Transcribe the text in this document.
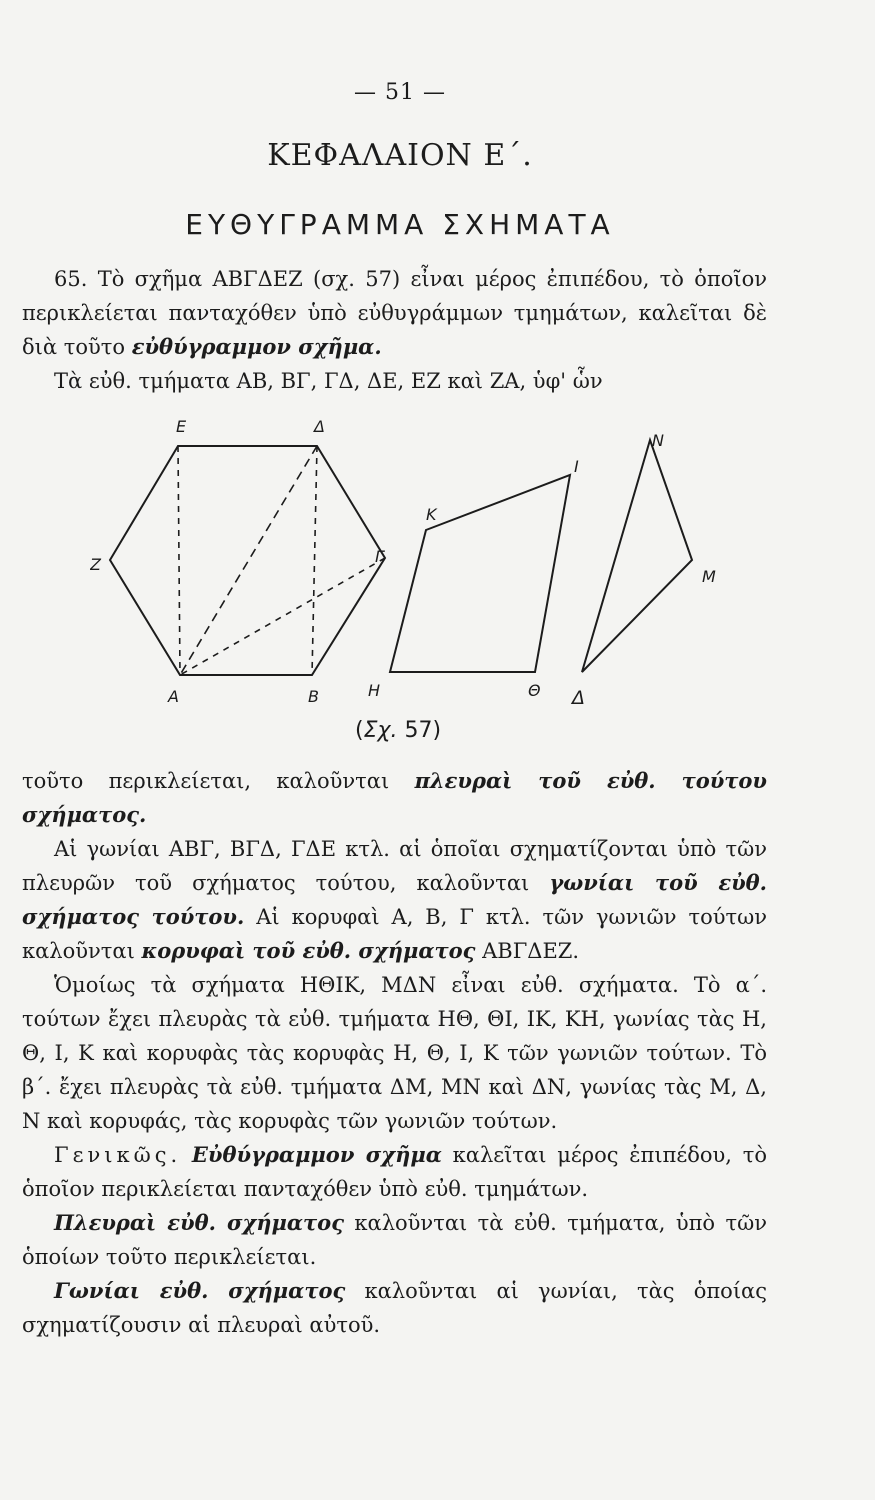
— 51 —
ΚΕΦΑΛΑΙΟΝ Ε΄.
ΕΥΘΥΓΡΑΜΜΑ ΣΧΗΜΑΤΑ

65. Τὸ σχῆμα ΑΒΓΔΕΖ (σχ. 57) εἶναι μέρος ἐπιπέδου, τὸ ὁποῖον περικλείεται πανταχόθεν ὑπὸ εὐθυγράμμων τμημάτων, καλεῖται δὲ διὰ τοῦτο εὐθύγραμμον σχῆμα.

Τὰ εὐθ. τμήματα ΑΒ, ΒΓ, ΓΔ, ΔΕ, ΕΖ καὶ ΖΑ, ὑφ' ὧν

Ε	Δ
Ζ	Γ
Α	Β
Κ
Ι
Η	Θ
Ν
Μ
Δ
(Σχ. 57)

τοῦτο περικλείεται, καλοῦνται πλευραὶ τοῦ εὐθ. τούτου σχήματος.

Αἱ γωνίαι ΑΒΓ, ΒΓΔ, ΓΔΕ κτλ. αἱ ὁποῖαι σχηματίζονται ὑπὸ τῶν πλευρῶν τοῦ σχήματος τούτου, καλοῦνται γωνίαι τοῦ εὐθ. σχήματος τούτου. Αἱ κορυφαὶ Α, Β, Γ κτλ. τῶν γωνιῶν τούτων καλοῦνται κορυφαὶ τοῦ εὐθ. σχήματος ΑΒΓΔΕΖ.

Ὁμοίως τὰ σχήματα ΗΘΙΚ, ΜΔΝ εἶναι εὐθ. σχήματα. Τὸ α΄. τούτων ἔχει πλευρὰς τὰ εὐθ. τμήματα ΗΘ, ΘΙ, ΙΚ, ΚΗ, γωνίας τὰς Η, Θ, Ι, Κ καὶ κορυφὰς τὰς κορυφὰς Η, Θ, Ι, Κ τῶν γωνιῶν τούτων. Τὸ β΄. ἔχει πλευρὰς τὰ εὐθ. τμήματα ΔΜ, ΜΝ καὶ ΔΝ, γωνίας τὰς Μ, Δ, Ν καὶ κορυφάς, τὰς κορυφὰς τῶν γωνιῶν τούτων.

Γενικῶς. Εὐθύγραμμον σχῆμα καλεῖται μέρος ἐπιπέδου, τὸ ὁποῖον περικλείεται πανταχόθεν ὑπὸ εὐθ. τμημάτων.

Πλευραὶ εὐθ. σχήματος καλοῦνται τὰ εὐθ. τμήματα, ὑπὸ τῶν ὁποίων τοῦτο περικλείεται.

Γωνίαι εὐθ. σχήματος καλοῦνται αἱ γωνίαι, τὰς ὁποίας σχηματίζουσιν αἱ πλευραὶ αὐτοῦ.
